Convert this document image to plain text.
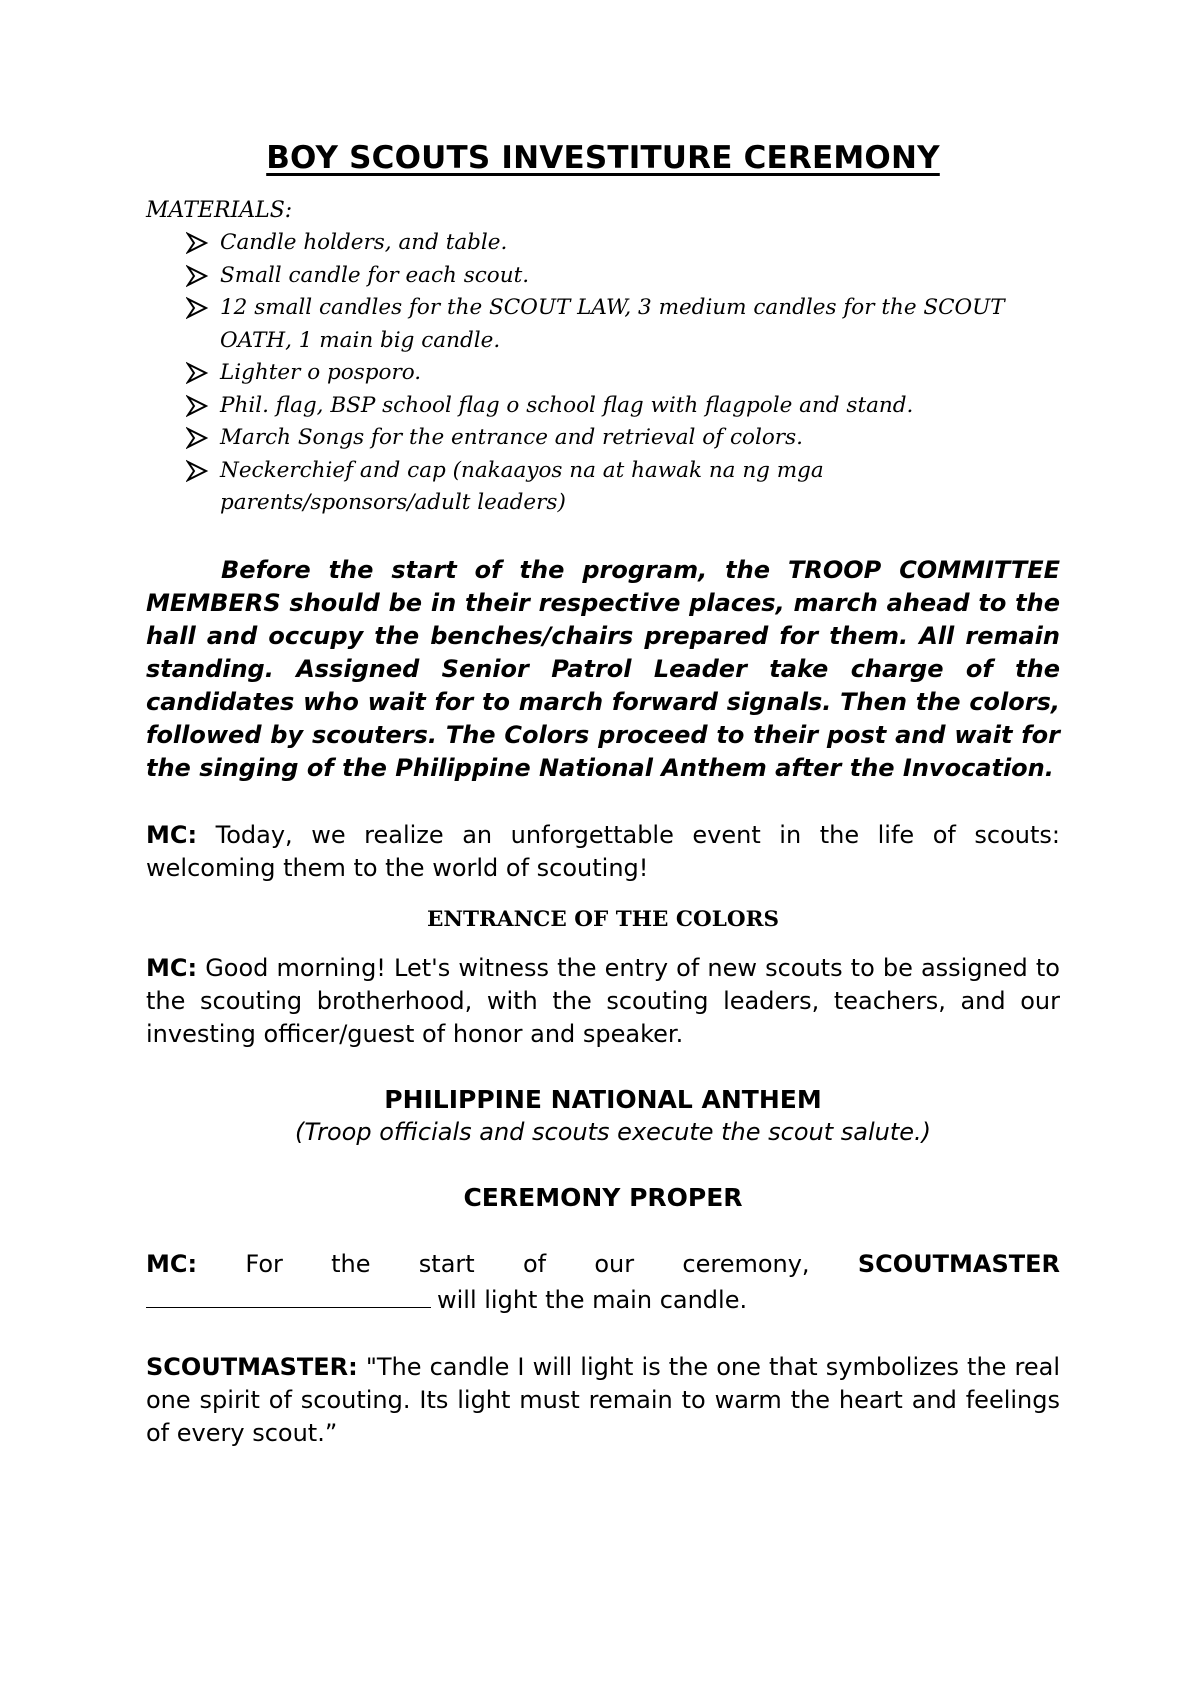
BOY SCOUTS INVESTITURE CEREMONY
MATERIALS:
Candle holders, and table.
Small candle for each scout.
12 small candles for the SCOUT LAW, 3 medium candles for the SCOUT OATH, 1 main big candle.
Lighter o posporo.
Phil. flag, BSP school flag o school flag with flagpole and stand.
March Songs for the entrance and retrieval of colors.
Neckerchief and cap (nakaayos na at hawak na ng mga parents/sponsors/adult leaders)

Before the start of the program, the TROOP COMMITTEE MEMBERS should be in their respective places, march ahead to the hall and occupy the benches/chairs prepared for them. All remain standing. Assigned Senior Patrol Leader take charge of the candidates who wait for to march forward signals. Then the colors, followed by scouters. The Colors proceed to their post and wait for the singing of the Philippine National Anthem after the Invocation.

MC: Today, we realize an unforgettable event in the life of scouts: welcoming them to the world of scouting!

ENTRANCE OF THE COLORS

MC: Good morning! Let's witness the entry of new scouts to be assigned to the scouting brotherhood, with the scouting leaders, teachers, and our investing officer/guest of honor and speaker.

PHILIPPINE NATIONAL ANTHEM

(Troop officials and scouts execute the scout salute.)

CEREMONY PROPER

MC: For the start of our ceremony, SCOUTMASTER will light the main candle.

SCOUTMASTER: "The candle I will light is the one that symbolizes the real one spirit of scouting. Its light must remain to warm the heart and feelings of every scout.”
